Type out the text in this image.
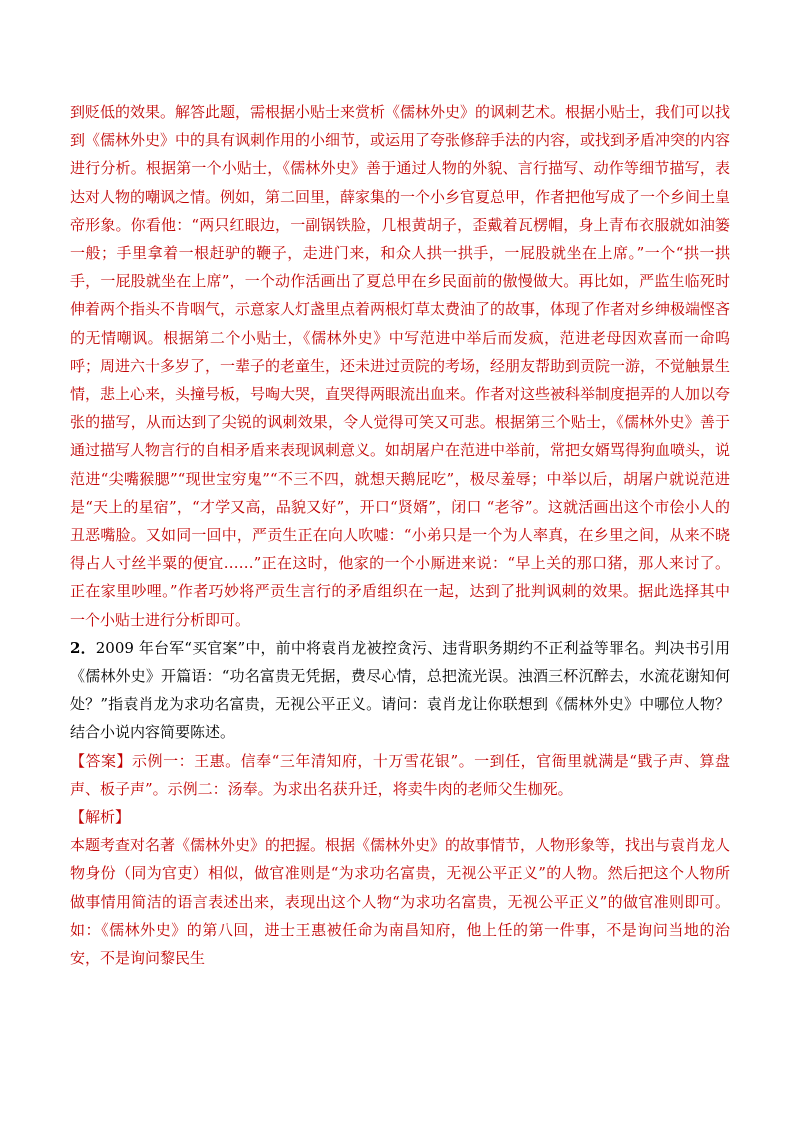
到贬低的效果。解答此题，需根据小贴士来赏析《儒林外史》的讽刺艺术。根据小贴士，我们可以找到《儒林外史》中的具有讽刺作用的小细节，或运用了夸张修辞手法的内容，或找到矛盾冲突的内容进行分析。根据第一个小贴士，《儒林外史》善于通过人物的外貌、言行描写、动作等细节描写，表达对人物的嘲讽之情。例如，第二回里，薛家集的一个小乡官夏总甲，作者把他写成了一个乡间土皇帝形象。你看他：“两只红眼边，一副锅铁脸，几根黄胡子，歪戴着瓦楞帽，身上青布衣服就如油篓一般；手里拿着一根赶驴的鞭子，走进门来，和众人拱一拱手，一屁股就坐在上席。”一个“拱一拱手，一屁股就坐在上席”，一个动作活画出了夏总甲在乡民面前的傲慢做大。再比如，严监生临死时伸着两个指头不肯咽气，示意家人灯盏里点着两根灯草太费油了的故事，体现了作者对乡绅极端悭吝的无情嘲讽。根据第二个小贴士，《儒林外史》中写范进中举后而发疯，范进老母因欢喜而一命呜呼；周进六十多岁了，一辈子的老童生，还未进过贡院的考场，经朋友帮助到贡院一游，不觉触景生情，悲上心来，头撞号板，号啕大哭，直哭得两眼流出血来。作者对这些被科举制度挹弄的人加以夸张的描写，从而达到了尖锐的讽刺效果，令人觉得可笑又可悲。根据第三个贴士，《儒林外史》善于通过描写人物言行的自相矛盾来表现讽刺意义。如胡屠户在范进中举前，常把女婿骂得狗血喷头，说范进“尖嘴猴腮”“现世宝穷鬼”“不三不四，就想天鹅屁吃”，极尽羞辱；中举以后，胡屠户就说范进是“天上的星宿”，“才学又高，品貌又好”，开口“贤婿”，闭口 “老爷”。这就活画出这个市侩小人的丑恶嘴脸。又如同一回中，严贡生正在向人吹嘘：“小弟只是一个为人率真，在乡里之间，从来不晓得占人寸丝半粟的便宜……”正在这时，他家的一个小厮进来说：“早上关的那口猪，那人来讨了。正在家里吵哩。”作者巧妙将严贡生言行的矛盾组织在一起，达到了批判讽刺的效果。据此选择其中一个小贴士进行分析即可。

2．2009 年台军“买官案”中，前中将袁肖龙被控贪污、违背职务期约不正利益等罪名。判决书引用《儒林外史》开篇语：“功名富贵无凭据，费尽心情，总把流光误。浊酒三杯沉醉去，水流花谢知何处？”指袁肖龙为求功名富贵，无视公平正义。请问：袁肖龙让你联想到《儒林外史》中哪位人物？结合小说内容简要陈述。

【答案】示例一：王惠。信奉“三年清知府，十万雪花银”。一到任，官衙里就满是“戥子声、算盘声、板子声”。示例二：汤奉。为求出名获升迁，将卖牛肉的老师父生枷死。

【解析】

本题考查对名著《儒林外史》的把握。根据《儒林外史》的故事情节，人物形象等，找出与袁肖龙人物身份（同为官吏）相似，做官准则是“为求功名富贵，无视公平正义”的人物。然后把这个人物所做事情用简洁的语言表述出来，表现出这个人物“为求功名富贵，无视公平正义”的做官准则即可。如：《儒林外史》的第八回，进士王惠被任命为南昌知府，他上任的第一件事，不是询问当地的治安，不是询问黎民生
